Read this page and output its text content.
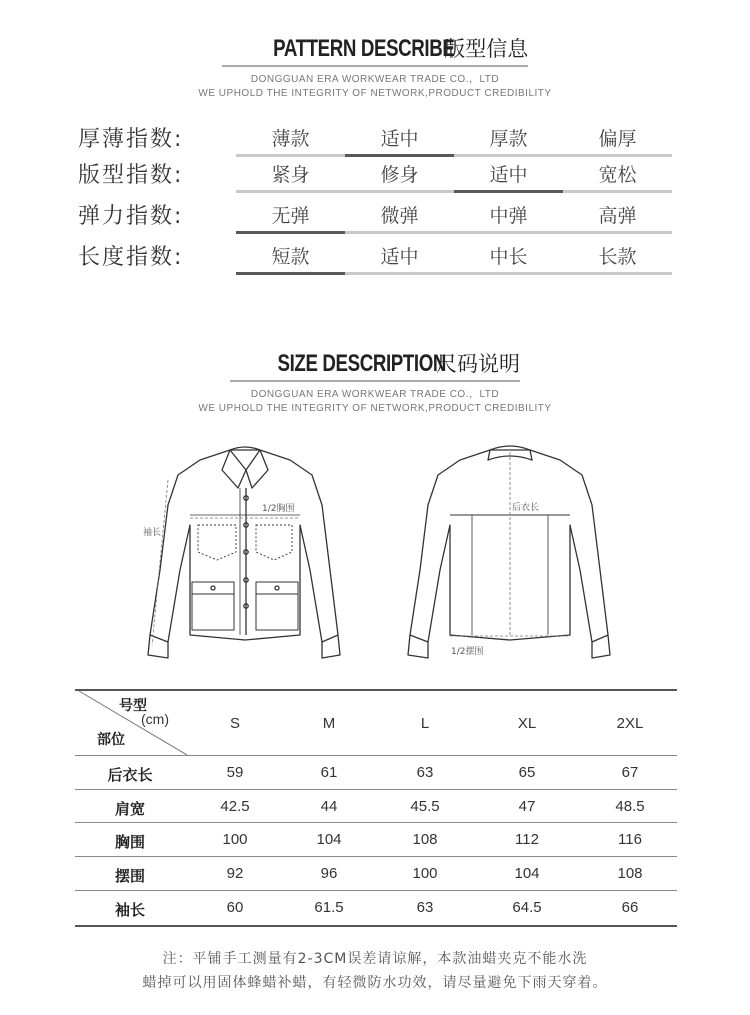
PATTERN DESCRIBE版型信息
DONGGUAN ERA WORKWEAR TRADE CO.，LTD
WE UPHOLD THE INTEGRITY OF NETWORK,PRODUCT CREDIBILITY
厚薄指数:	薄款	适中	厚款	偏厚
版型指数:	紧身	修身	适中	宽松
弹力指数:	无弹	微弹	中弹	高弹
长度指数:	短款	适中	中长	长款
SIZE DESCRIPTION尺码说明
DONGGUAN ERA WORKWEAR TRADE CO.，LTD
WE UPHOLD THE INTEGRITY OF NETWORK,PRODUCT CREDIBILITY
袖长
1/2胸围	后衣长
1/2摆围
号型
(cm)
部位
S	M	L	XL	2XL
后衣长	59	61	63	65	67
肩宽	42.5	44	45.5	47	48.5
胸围	100	104	108	112	116
摆围	92	96	100	104	108
袖长	60	61.5	63	64.5	66
注：平铺手工测量有2-3CM误差请谅解，本款油蜡夹克不能水洗
蜡掉可以用固体蜂蜡补蜡，有轻微防水功效，请尽量避免下雨天穿着。
